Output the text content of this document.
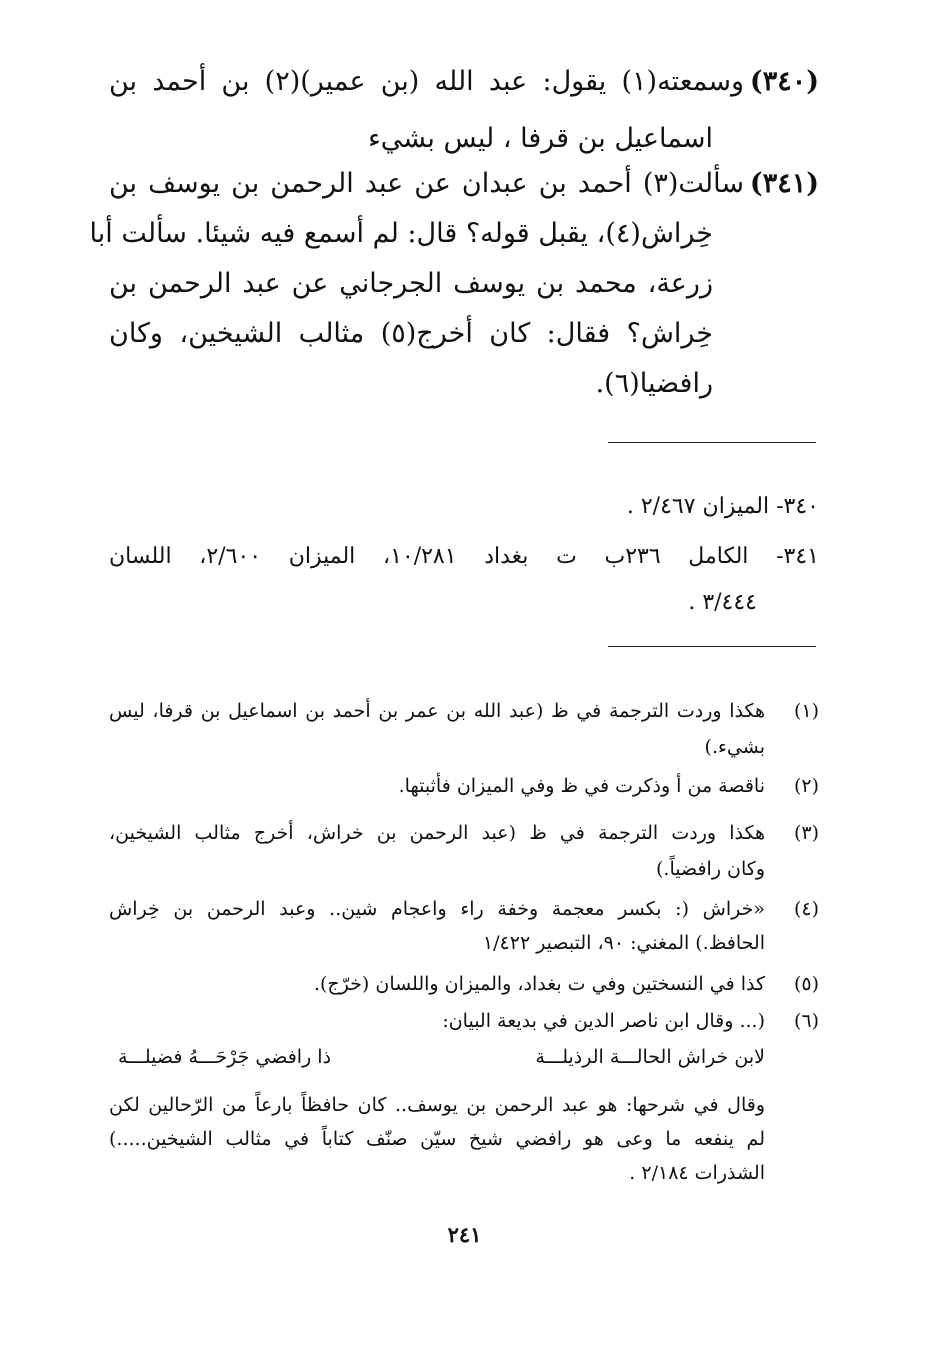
(٣٤٠)
وسمعته(١) يقول: عبد الله (بن عمير)(٢) بن أحمد بن
اسماعيل بن قرفا ، ليس بشيء
(٣٤١)
سألت(٣) أحمد بن عبدان عن عبد الرحمن بن يوسف بن
خِراش(٤)، يقبل قوله؟ قال: لم أسمع فيه شيئا. سألت أبا
زرعة، محمد بن يوسف الجرجاني عن عبد الرحمن بن
خِراش؟ فقال: كان أخرج(٥) مثالب الشيخين، وكان
رافضيا(٦).
٣٤٠- الميزان ٢/٤٦٧ .
٣٤١- الكامل ٢٣٦ب ت بغداد ١٠/٢٨١، الميزان ٢/٦٠٠، اللسان
٣/٤٤٤ .
(١)
هكذا وردت الترجمة في ظ (عبد الله بن عمر بن أحمد بن اسماعيل بن قرفا، ليس
بشيء.)
(٢)
ناقصة من أ وذكرت في ظ وفي الميزان فأثبتها.
(٣)
هكذا وردت الترجمة في ظ (عبد الرحمن بن خراش، أخرج مثالب الشيخين،
وكان رافضياً.)
(٤)
«خراش (: بكسر معجمة وخفة راء واعجام شين.. وعبد الرحمن بن خِراش
الحافظ.) المغني: ٩٠، التبصير ١/٤٢٢
(٥)
كذا في النسختين وفي ت بغداد، والميزان واللسان (خرّج).
(٦)
(... وقال ابن ناصر الدين في بديعة البيان:
لابن خراش الحالـــة الرذيلـــة
ذا رافضي جَرْحَـــهُ فضيلـــة
وقال في شرحها: هو عبد الرحمن بن يوسف.. كان حافظاً بارعاً من الرّحالين لكن
لم ينفعه ما وعى هو رافضي شيخ سيّن صنّف كتاباً في مثالب الشيخين.....)
الشذرات ٢/١٨٤ .
٢٤١
